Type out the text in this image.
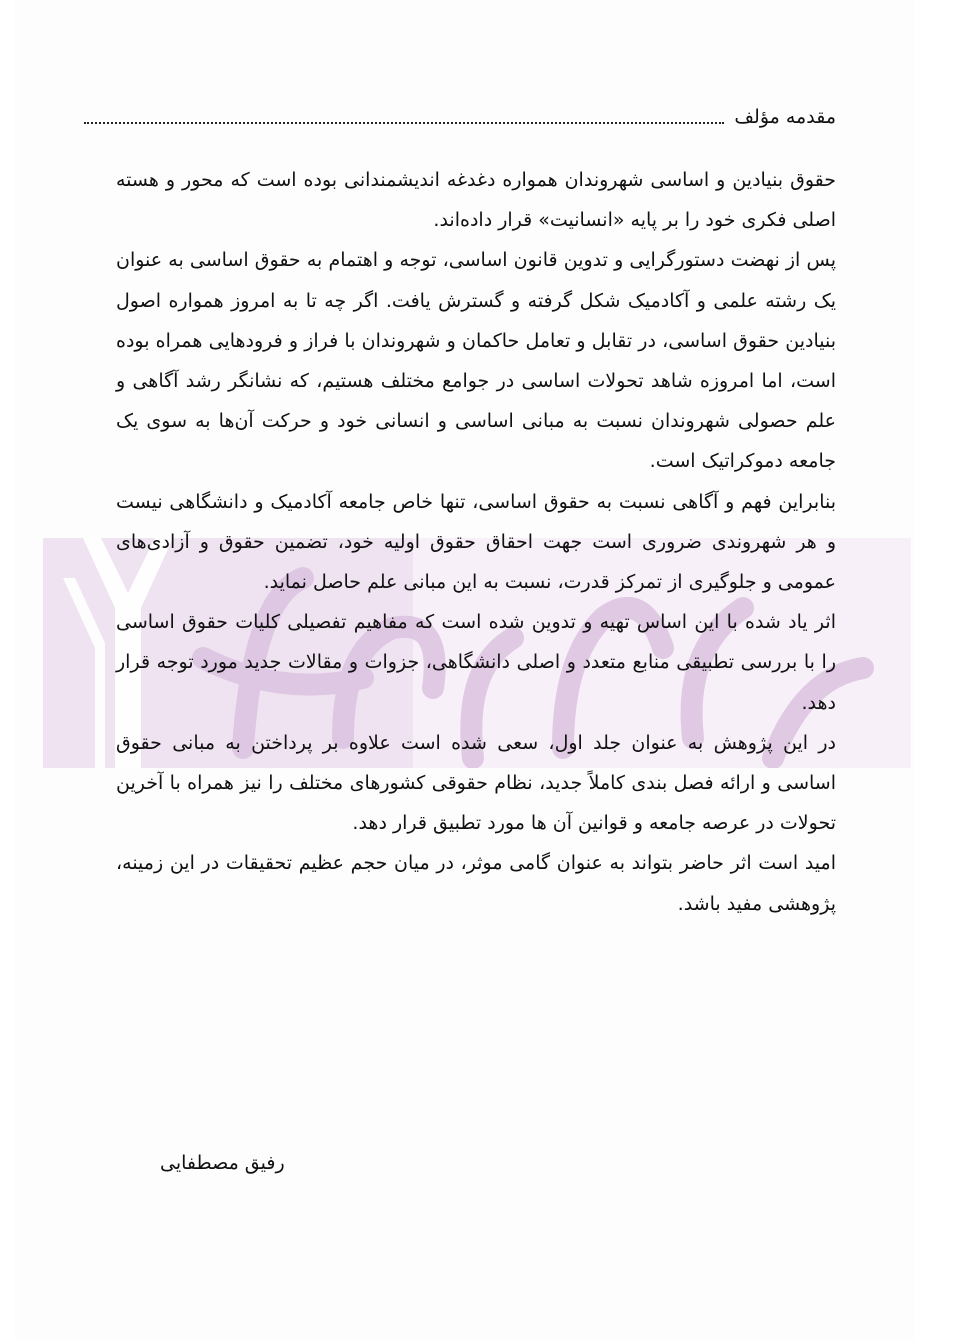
مقدمه مؤلف

حقوق بنیادین و اساسی شهروندان همواره دغدغه اندیشمندانی بوده است که محور و هسته اصلی فکری خود را بر پایه «انسانیت» قرار داده‌اند.

پس از نهضت دستورگرایی و تدوین قانون اساسی، توجه و اهتمام به حقوق اساسی به عنوان یک رشته علمی و آکادمیک شکل گرفته و گسترش یافت. اگر چه تا به امروز همواره اصول بنیادین حقوق اساسی، در تقابل و تعامل حاکمان و شهروندان با فراز و فرودهایی همراه بوده است، اما امروزه شاهد تحولات اساسی در جوامع مختلف هستیم، که نشانگر رشد آگاهی و علم حصولی شهروندان نسبت به مبانی اساسی و انسانی خود و حرکت آن‌ها به سوی یک جامعه دموکراتیک است.

بنابراین فهم و آگاهی نسبت به حقوق اساسی، تنها خاص جامعه آکادمیک و دانشگاهی نیست و هر شهروندی ضروری است جهت احقاق حقوق اولیه خود، تضمین حقوق و آزادی‌های عمومی و جلوگیری از تمرکز قدرت، نسبت به این مبانی علم حاصل نماید.

اثر یاد شده با این اساس تهیه و تدوین شده است که مفاهیم تفصیلی کلیات حقوق اساسی را با بررسی تطبیقی منابع متعدد و اصلی دانشگاهی، جزوات و مقالات جدید مورد توجه قرار دهد.

در این پژوهش به عنوان جلد اول، سعی شده است علاوه بر پرداختن به مبانی حقوق اساسی و ارائه فصل بندی کاملاً جدید، نظام حقوقی کشورهای مختلف را نیز همراه با آخرین تحولات در عرصه جامعه و قوانین آن ها مورد تطبیق قرار دهد.

امید است اثر حاضر بتواند به عنوان گامی موثر، در میان حجم عظیم تحقیقات در این زمینه، پژوهشی مفید باشد.

رفیق مصطفایی
